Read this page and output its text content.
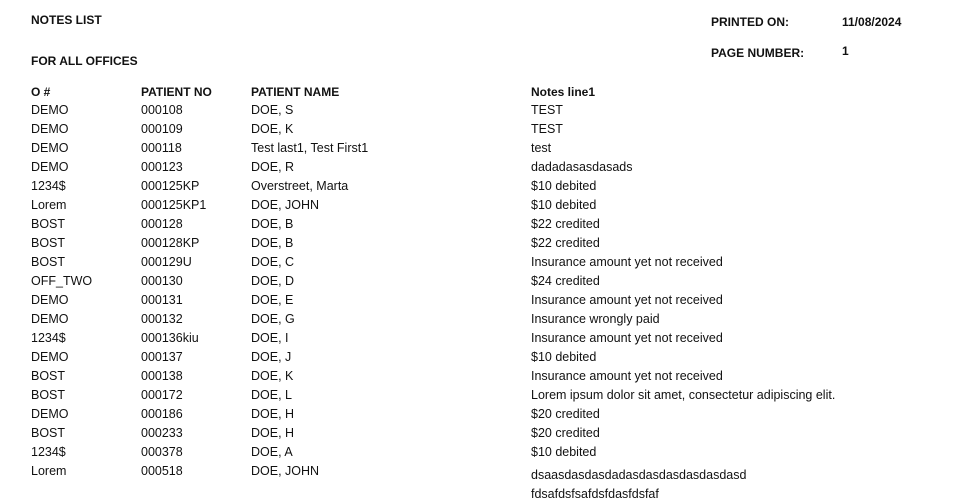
NOTES LIST
FOR ALL OFFICES
PRINTED ON:	11/08/2024
PAGE NUMBER:	1
O #	PATIENT NO	PATIENT NAME	Notes line1
DEMO	000108	DOE, S	TEST
DEMO	000109	DOE, K	TEST
DEMO	000118	Test last1, Test First1	test
DEMO	000123	DOE, R	dadadasasdasads
1234$	000125KP	Overstreet, Marta	$10 debited
Lorem	000125KP1	DOE, JOHN	$10 debited
BOST	000128	DOE, B	$22 credited
BOST	000128KP	DOE, B	$22 credited
BOST	000129U	DOE, C	Insurance amount yet not received
OFF_TWO	000130	DOE, D	$24 credited
DEMO	000131	DOE, E	Insurance amount yet not received
DEMO	000132	DOE, G	Insurance wrongly paid
1234$	000136kiu	DOE, I	Insurance amount yet not received
DEMO	000137	DOE, J	$10 debited
BOST	000138	DOE, K	Insurance amount yet not received
BOST	000172	DOE, L	Lorem ipsum dolor sit amet, consectetur adipiscing elit.
DEMO	000186	DOE, H	$20 credited
BOST	000233	DOE, H	$20 credited
1234$	000378	DOE, A	$10 debited
Lorem	000518	DOE, JOHN	dsaasdasdasdadasdasdasdasdasdasd
fdsafdsfsafdsfdasfdsfaf
